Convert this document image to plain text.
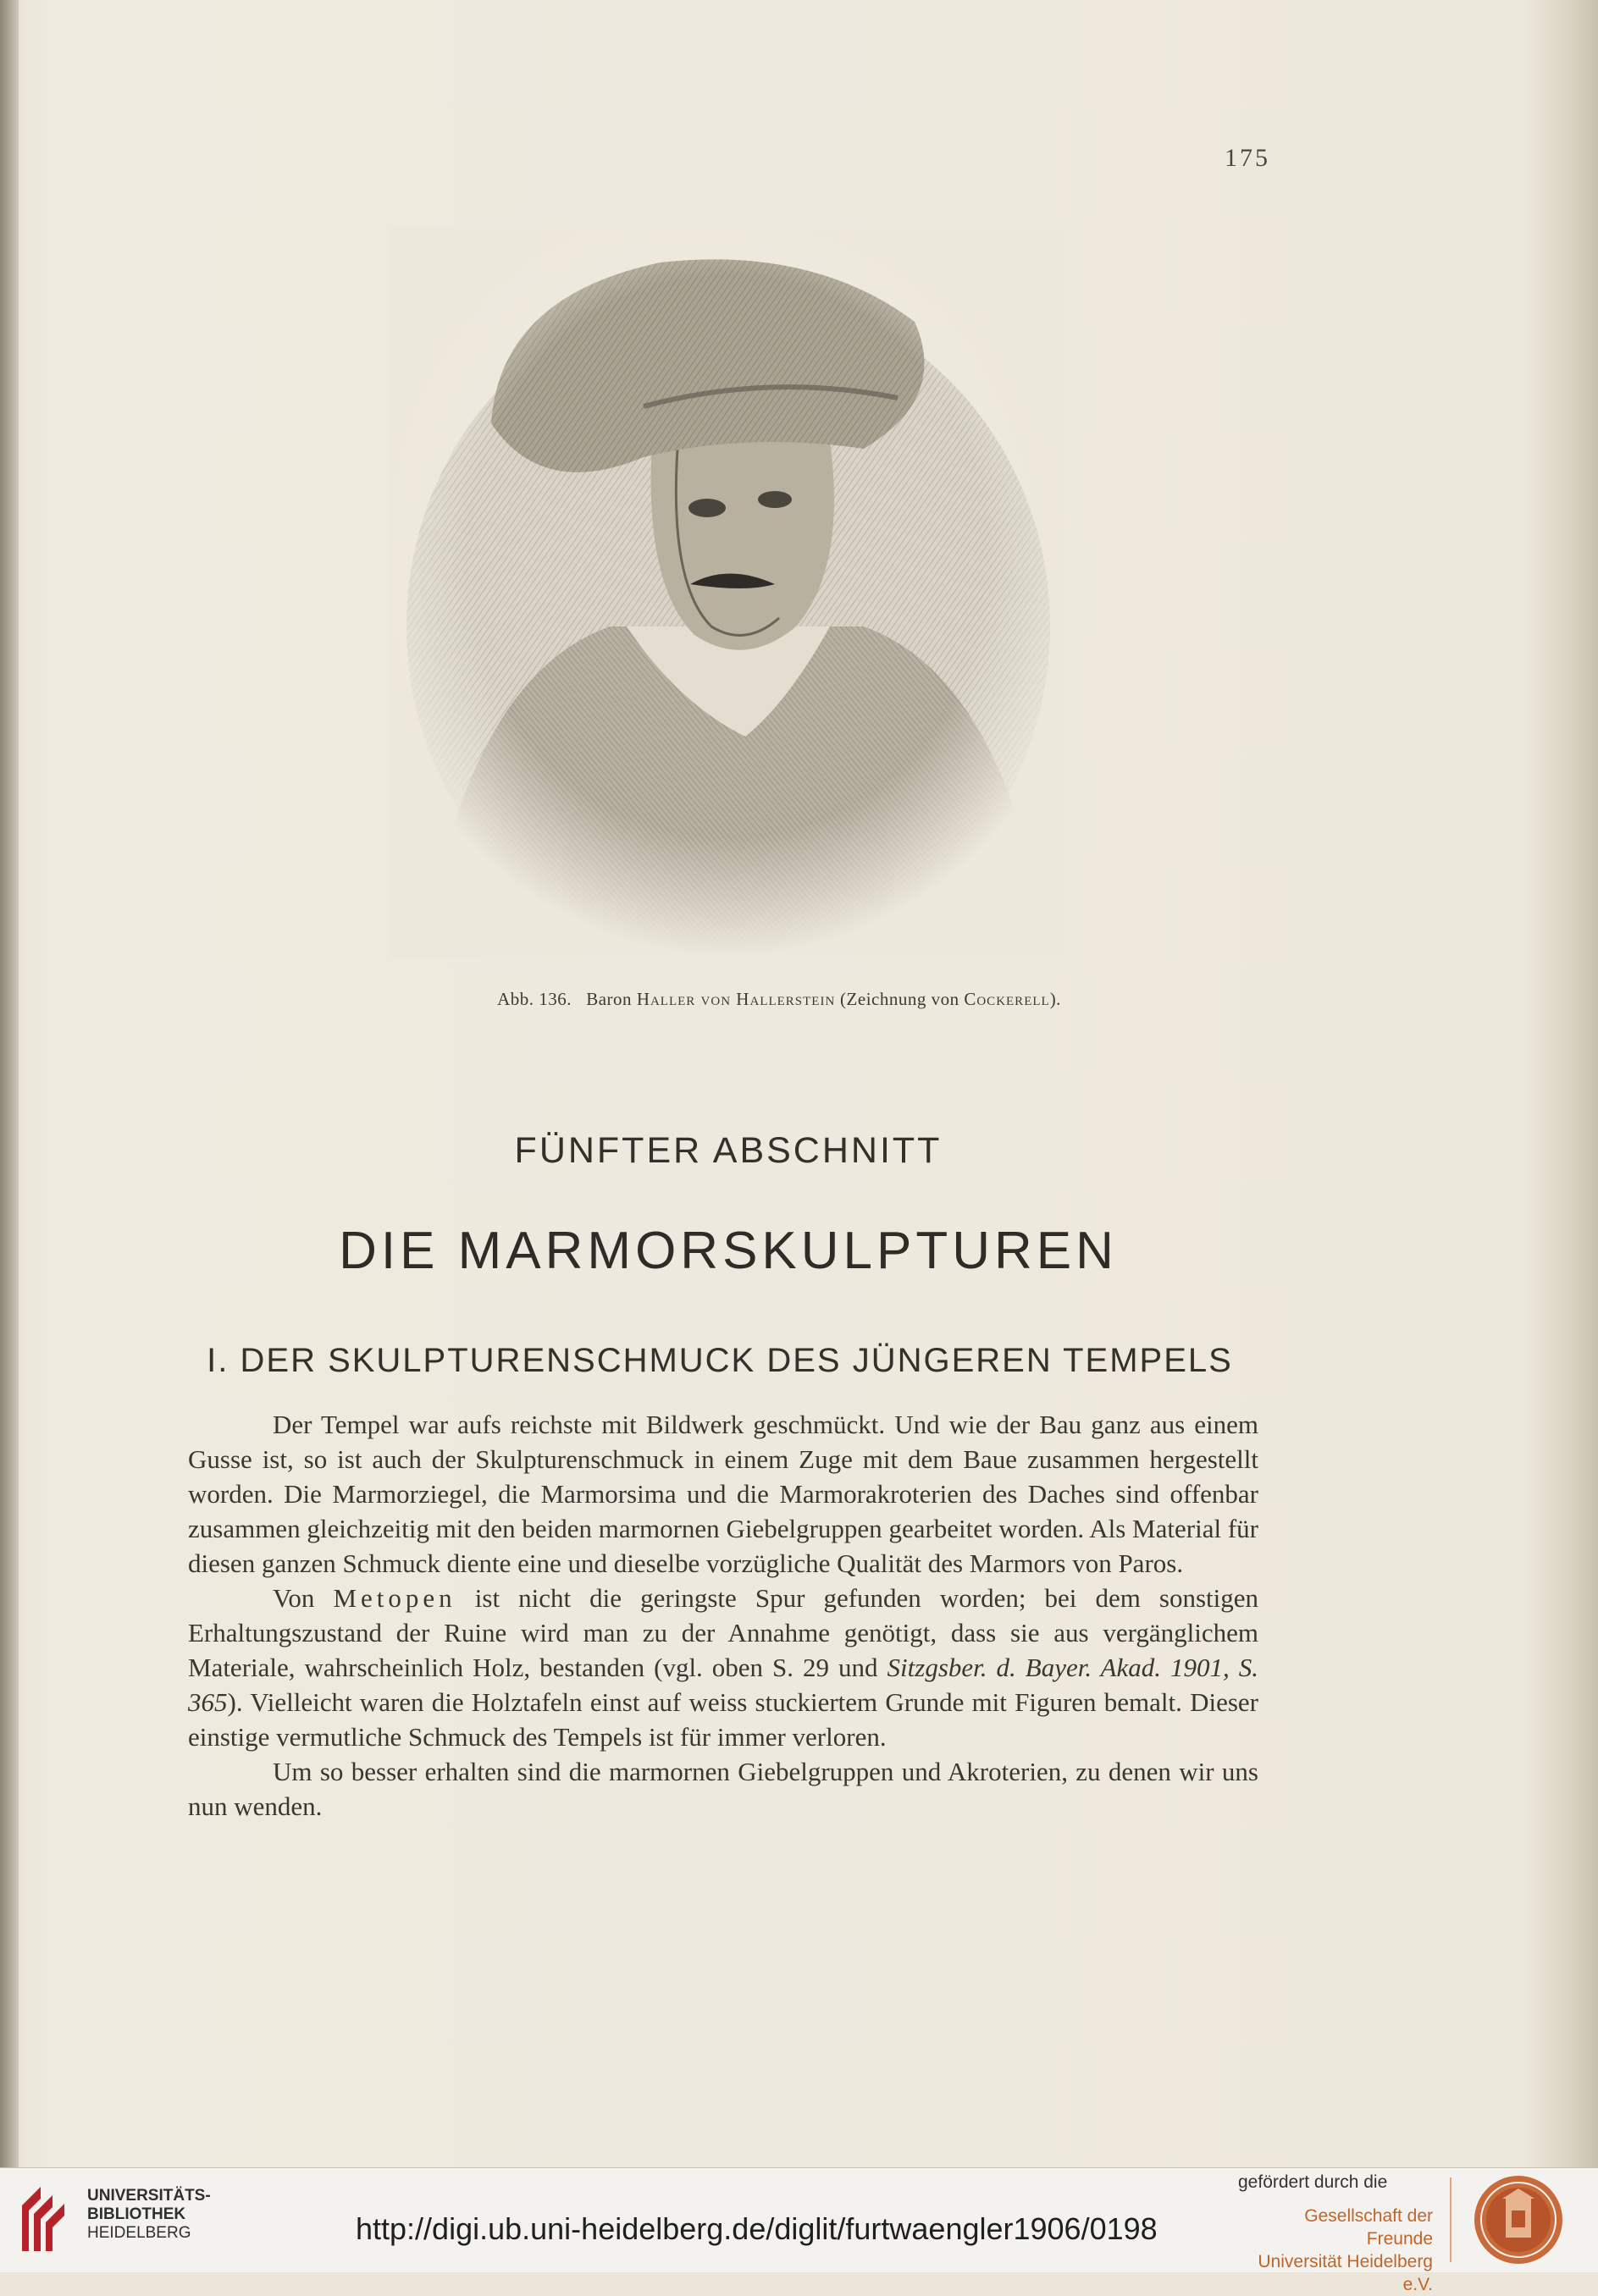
175
Abb. 136. Baron Haller von Hallerstein (Zeichnung von Cockerell).
FÜNFTER ABSCHNITT
DIE MARMORSKULPTUREN
I. DER SKULPTURENSCHMUCK DES JÜNGEREN TEMPELS

Der Tempel war aufs reichste mit Bildwerk geschmückt. Und wie der Bau ganz aus einem Gusse ist, so ist auch der Skulpturenschmuck in einem Zuge mit dem Baue zusammen hergestellt worden. Die Marmorziegel, die Marmorsima und die Marmorakroterien des Daches sind offenbar zusammen gleichzeitig mit den beiden marmornen Giebelgruppen gearbeitet worden. Als Material für diesen ganzen Schmuck diente eine und dieselbe vorzügliche Qualität des Marmors von Paros.

Von Metopen ist nicht die geringste Spur gefunden worden; bei dem sonstigen Erhaltungszustand der Ruine wird man zu der Annahme genötigt, dass sie aus vergänglichem Materiale, wahrscheinlich Holz, bestanden (vgl. oben S. 29 und Sitzgsber. d. Bayer. Akad. 1901, S. 365). Vielleicht waren die Holztafeln einst auf weiss stuckiertem Grunde mit Figuren bemalt. Dieser einstige vermutliche Schmuck des Tempels ist für immer verloren.

Um so besser erhalten sind die marmornen Giebelgruppen und Akroterien, zu denen wir uns nun wenden.

UNIVERSITÄTS-
BIBLIOTHEK
HEIDELBERG	http://digi.ub.uni-heidelberg.de/diglit/furtwaengler1906/0198
gefördert durch die
Gesellschaft der Freunde
Universität Heidelberg e.V.
